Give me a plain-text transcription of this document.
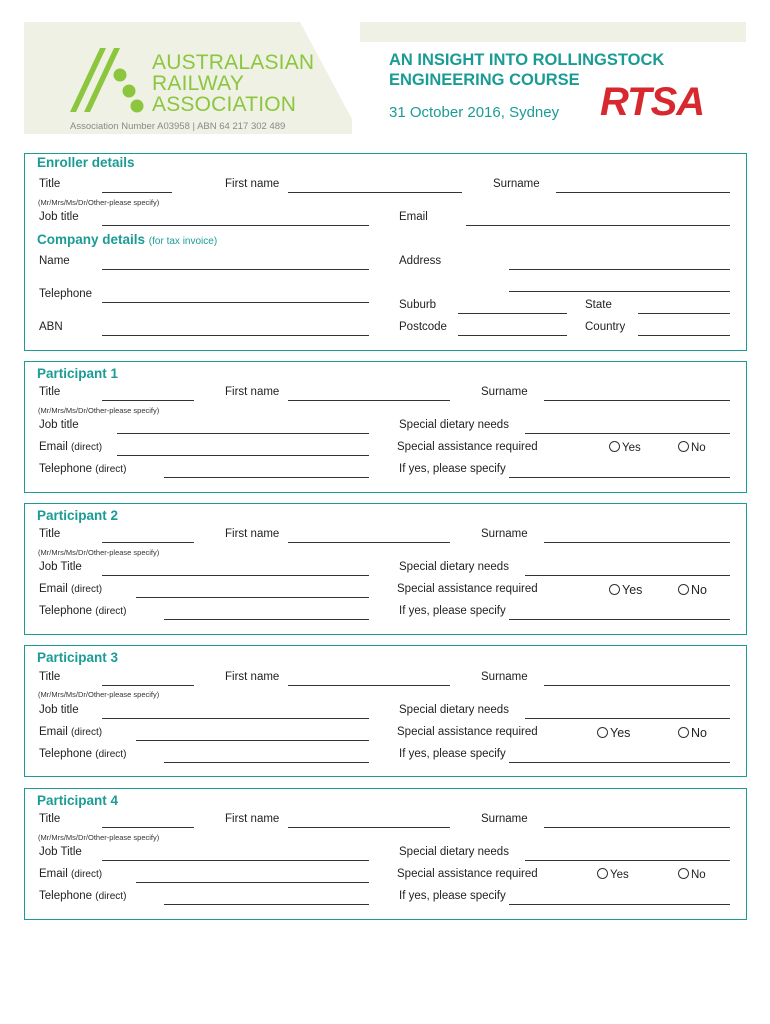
AUSTRALASIAN
RAILWAY
ASSOCIATION
Association Number A03958 | ABN 64 217 302 489
AN INSIGHT INTO ROLLINGSTOCK
ENGINEERING COURSE
31 October 2016, Sydney RTSA
Enroller details
Title
(Mr/Mrs/Ms/Dr/Other-please specify)
First name	Surname
Job title	Email
Company details (for tax invoice)
Name	Address
Telephone
Suburb	State
ABN	Postcode	Country
Participant 1
Title
(Mr/Mrs/Ms/Dr/Other-please specify)
First name	Surname
Job title	Special dietary needs
Email (direct)	Special assistance required	Yes	No
Telephone (direct)	If yes, please specify
Participant 2
Title
(Mr/Mrs/Ms/Dr/Other-please specify)
First name	Surname
Job Title	Special dietary needs
Email (direct)	Special assistance required	Yes	No
Telephone (direct)	If yes, please specify
Participant 3
Title
(Mr/Mrs/Ms/Dr/Other-please specify)
First name	Surname
Job title	Special dietary needs
Email (direct)	Special assistance required	Yes	No
Telephone (direct)	If yes, please specify
Participant 4
Title
(Mr/Mrs/Ms/Dr/Other-please specify)
First name	Surname
Job Title	Special dietary needs
Email (direct)	Special assistance required	Yes	No
Telephone (direct)	If yes, please specify
